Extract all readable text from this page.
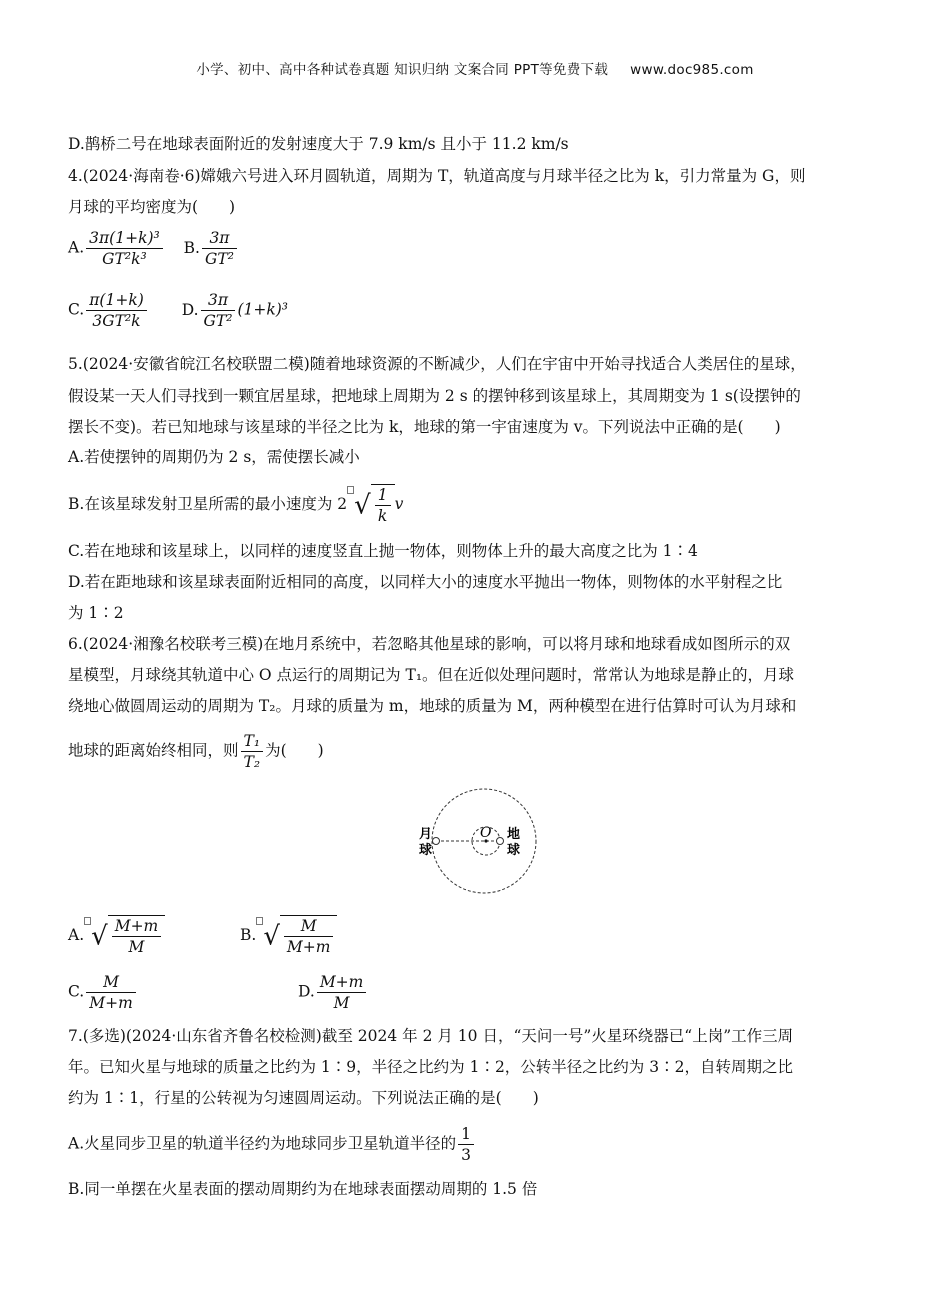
小学、初中、高中各种试卷真题 知识归纳 文案合同 PPT等免费下载 www.doc985.com
D.鹊桥二号在地球表面附近的发射速度大于 7.9 km/s 且小于 11.2 km/s
4.(2024·海南卷·6)嫦娥六号进入环月圆轨道，周期为 T，轨道高度与月球半径之比为 k，引力常量为 G，则
月球的平均密度为(　　)
A. $\frac{\text{3π(1+k)³}}{\text{GT²k³}} B$. $\frac{3\pi}{\text{GT²}}$
C. $\frac{\pi(1+k)}{\text{3GT²k}} D$. $\frac{3\pi}{\text{GT²}} (1+k)^3$
5.(2024·安徽省皖江名校联盟二模)随着地球资源的不断减少，人们在宇宙中开始寻找适合人类居住的星球，
假设某一天人们寻找到一颗宜居星球，把地球上周期为 2 s 的摆钟移到该星球上，其周期变为 1 s(设摆钟的
摆长不变)。若已知地球与该星球的半径之比为 k，地球的第一宇宙速度为 v。下列说法中正确的是(　　)
A.若使摆钟的周期仍为 2 s，需使摆长减小
B.在该星球发射卫星所需的最小速度为 2 √ $\frac{1}{k}$ v
C.若在地球和该星球上，以同样的速度竖直上抛一物体，则物体上升的最大高度之比为 1∶4
D.若在距地球和该星球表面附近相同的高度，以同样大小的速度水平抛出一物体，则物体的水平射程之比
为 1∶2
6.(2024·湘豫名校联考三模)在地月系统中，若忽略其他星球的影响，可以将月球和地球看成如图所示的双
星模型，月球绕其轨道中心 O 点运行的周期记为 T₁。但在近似处理问题时，常常认为地球是静止的，月球
绕地心做圆周运动的周期为 T₂。月球的质量为 m，地球的质量为 M，两种模型在进行估算时可认为月球和
地球的距离始终相同，则 $\frac{\text{T₁}}{\text{T₂}}$ 为(　　)
月
球
地
球
O
A. √ $\frac{M+m}{M}$	B. √ $\frac{M}{M+m}$
C. $\frac{M}{M+m}$	D. $\frac{M+m}{M}$
7.(多选)(2024·山东省齐鲁名校检测)截至 2024 年 2 月 10 日，“天问一号”火星环绕器已“上岗”工作三周
年。已知火星与地球的质量之比约为 1∶9，半径之比约为 1∶2，公转半径之比约为 3∶2，自转周期之比
约为 1∶1，行星的公转视为匀速圆周运动。下列说法正确的是(　　)
A.火星同步卫星的轨道半径约为地球同步卫星轨道半径的 $\frac{1}{3}$
B.同一单摆在火星表面的摆动周期约为在地球表面摆动周期的 1.5 倍
